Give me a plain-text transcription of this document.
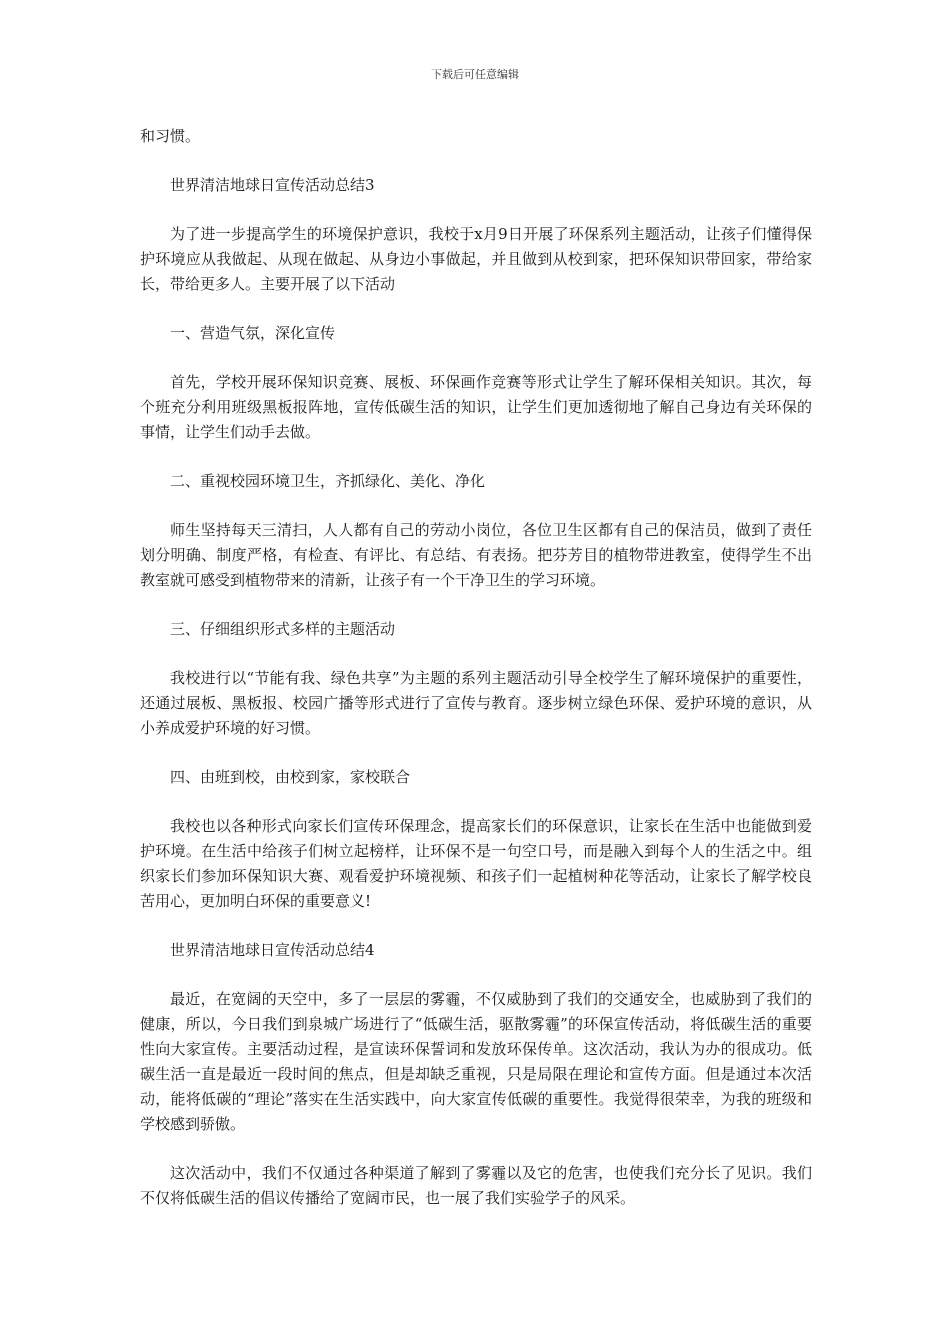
下载后可任意编辑

和习惯。

世界清洁地球日宣传活动总结3

为了进一步提高学生的环境保护意识，我校于x月9日开展了环保系列主题活动，让孩子们懂得保护环境应从我做起、从现在做起、从身边小事做起，并且做到从校到家，把环保知识带回家，带给家长，带给更多人。主要开展了以下活动

一、营造气氛，深化宣传

首先，学校开展环保知识竞赛、展板、环保画作竞赛等形式让学生了解环保相关知识。其次，每个班充分利用班级黑板报阵地，宣传低碳生活的知识，让学生们更加透彻地了解自己身边有关环保的事情，让学生们动手去做。

二、重视校园环境卫生，齐抓绿化、美化、净化

师生坚持每天三清扫，人人都有自己的劳动小岗位，各位卫生区都有自己的保洁员，做到了责任划分明确、制度严格，有检查、有评比、有总结、有表扬。把芬芳目的植物带进教室，使得学生不出教室就可感受到植物带来的清新，让孩子有一个干净卫生的学习环境。

三、仔细组织形式多样的主题活动

我校进行以“节能有我、绿色共享”为主题的系列主题活动引导全校学生了解环境保护的重要性，还通过展板、黑板报、校园广播等形式进行了宣传与教育。逐步树立绿色环保、爱护环境的意识，从小养成爱护环境的好习惯。

四、由班到校，由校到家，家校联合

我校也以各种形式向家长们宣传环保理念，提高家长们的环保意识，让家长在生活中也能做到爱护环境。在生活中给孩子们树立起榜样，让环保不是一句空口号，而是融入到每个人的生活之中。组织家长们参加环保知识大赛、观看爱护环境视频、和孩子们一起植树种花等活动，让家长了解学校良苦用心，更加明白环保的重要意义!

世界清洁地球日宣传活动总结4

最近，在宽阔的天空中，多了一层层的雾霾，不仅威胁到了我们的交通安全，也威胁到了我们的健康，所以，今日我们到泉城广场进行了“低碳生活，驱散雾霾”的环保宣传活动，将低碳生活的重要性向大家宣传。主要活动过程，是宣读环保誓词和发放环保传单。这次活动，我认为办的很成功。低碳生活一直是最近一段时间的焦点，但是却缺乏重视，只是局限在理论和宣传方面。但是通过本次活动，能将低碳的“理论”落实在生活实践中，向大家宣传低碳的重要性。我觉得很荣幸，为我的班级和学校感到骄傲。

这次活动中，我们不仅通过各种渠道了解到了雾霾以及它的危害，也使我们充分长了见识。我们不仅将低碳生活的倡议传播给了宽阔市民，也一展了我们实验学子的风采。
